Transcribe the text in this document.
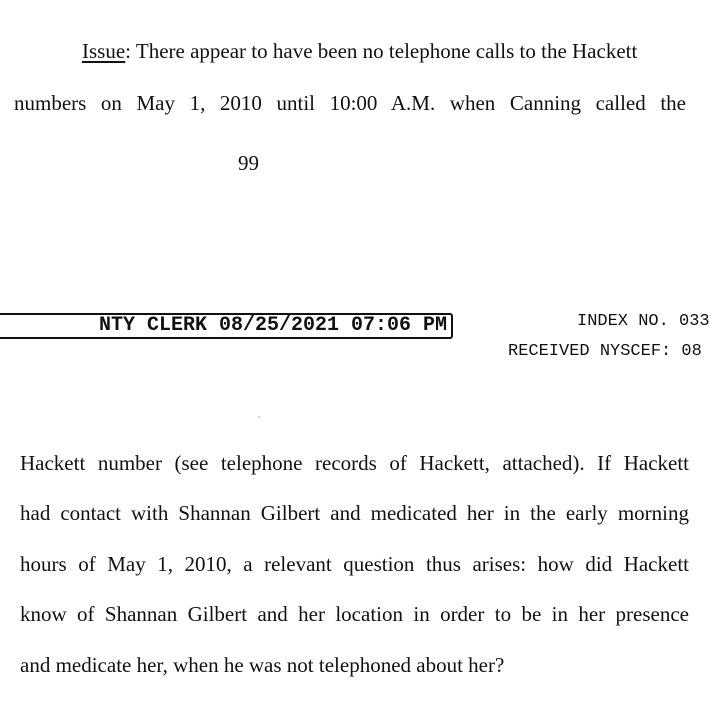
Issue: There appear to have been no telephone calls to the Hackett
numbers on May 1, 2010 until 10:00 A.M. when Canning called the
99
NTY CLERK 08/25/2021 07:06 PM	INDEX NO. 033
RECEIVED NYSCEF: 08
Hackett number (see telephone records of Hackett, attached). If Hackett
had contact with Shannan Gilbert and medicated her in the early morning
hours of May 1, 2010, a relevant question thus arises: how did Hackett
know of Shannan Gilbert and her location in order to be in her presence
and medicate her, when he was not telephoned about her?
